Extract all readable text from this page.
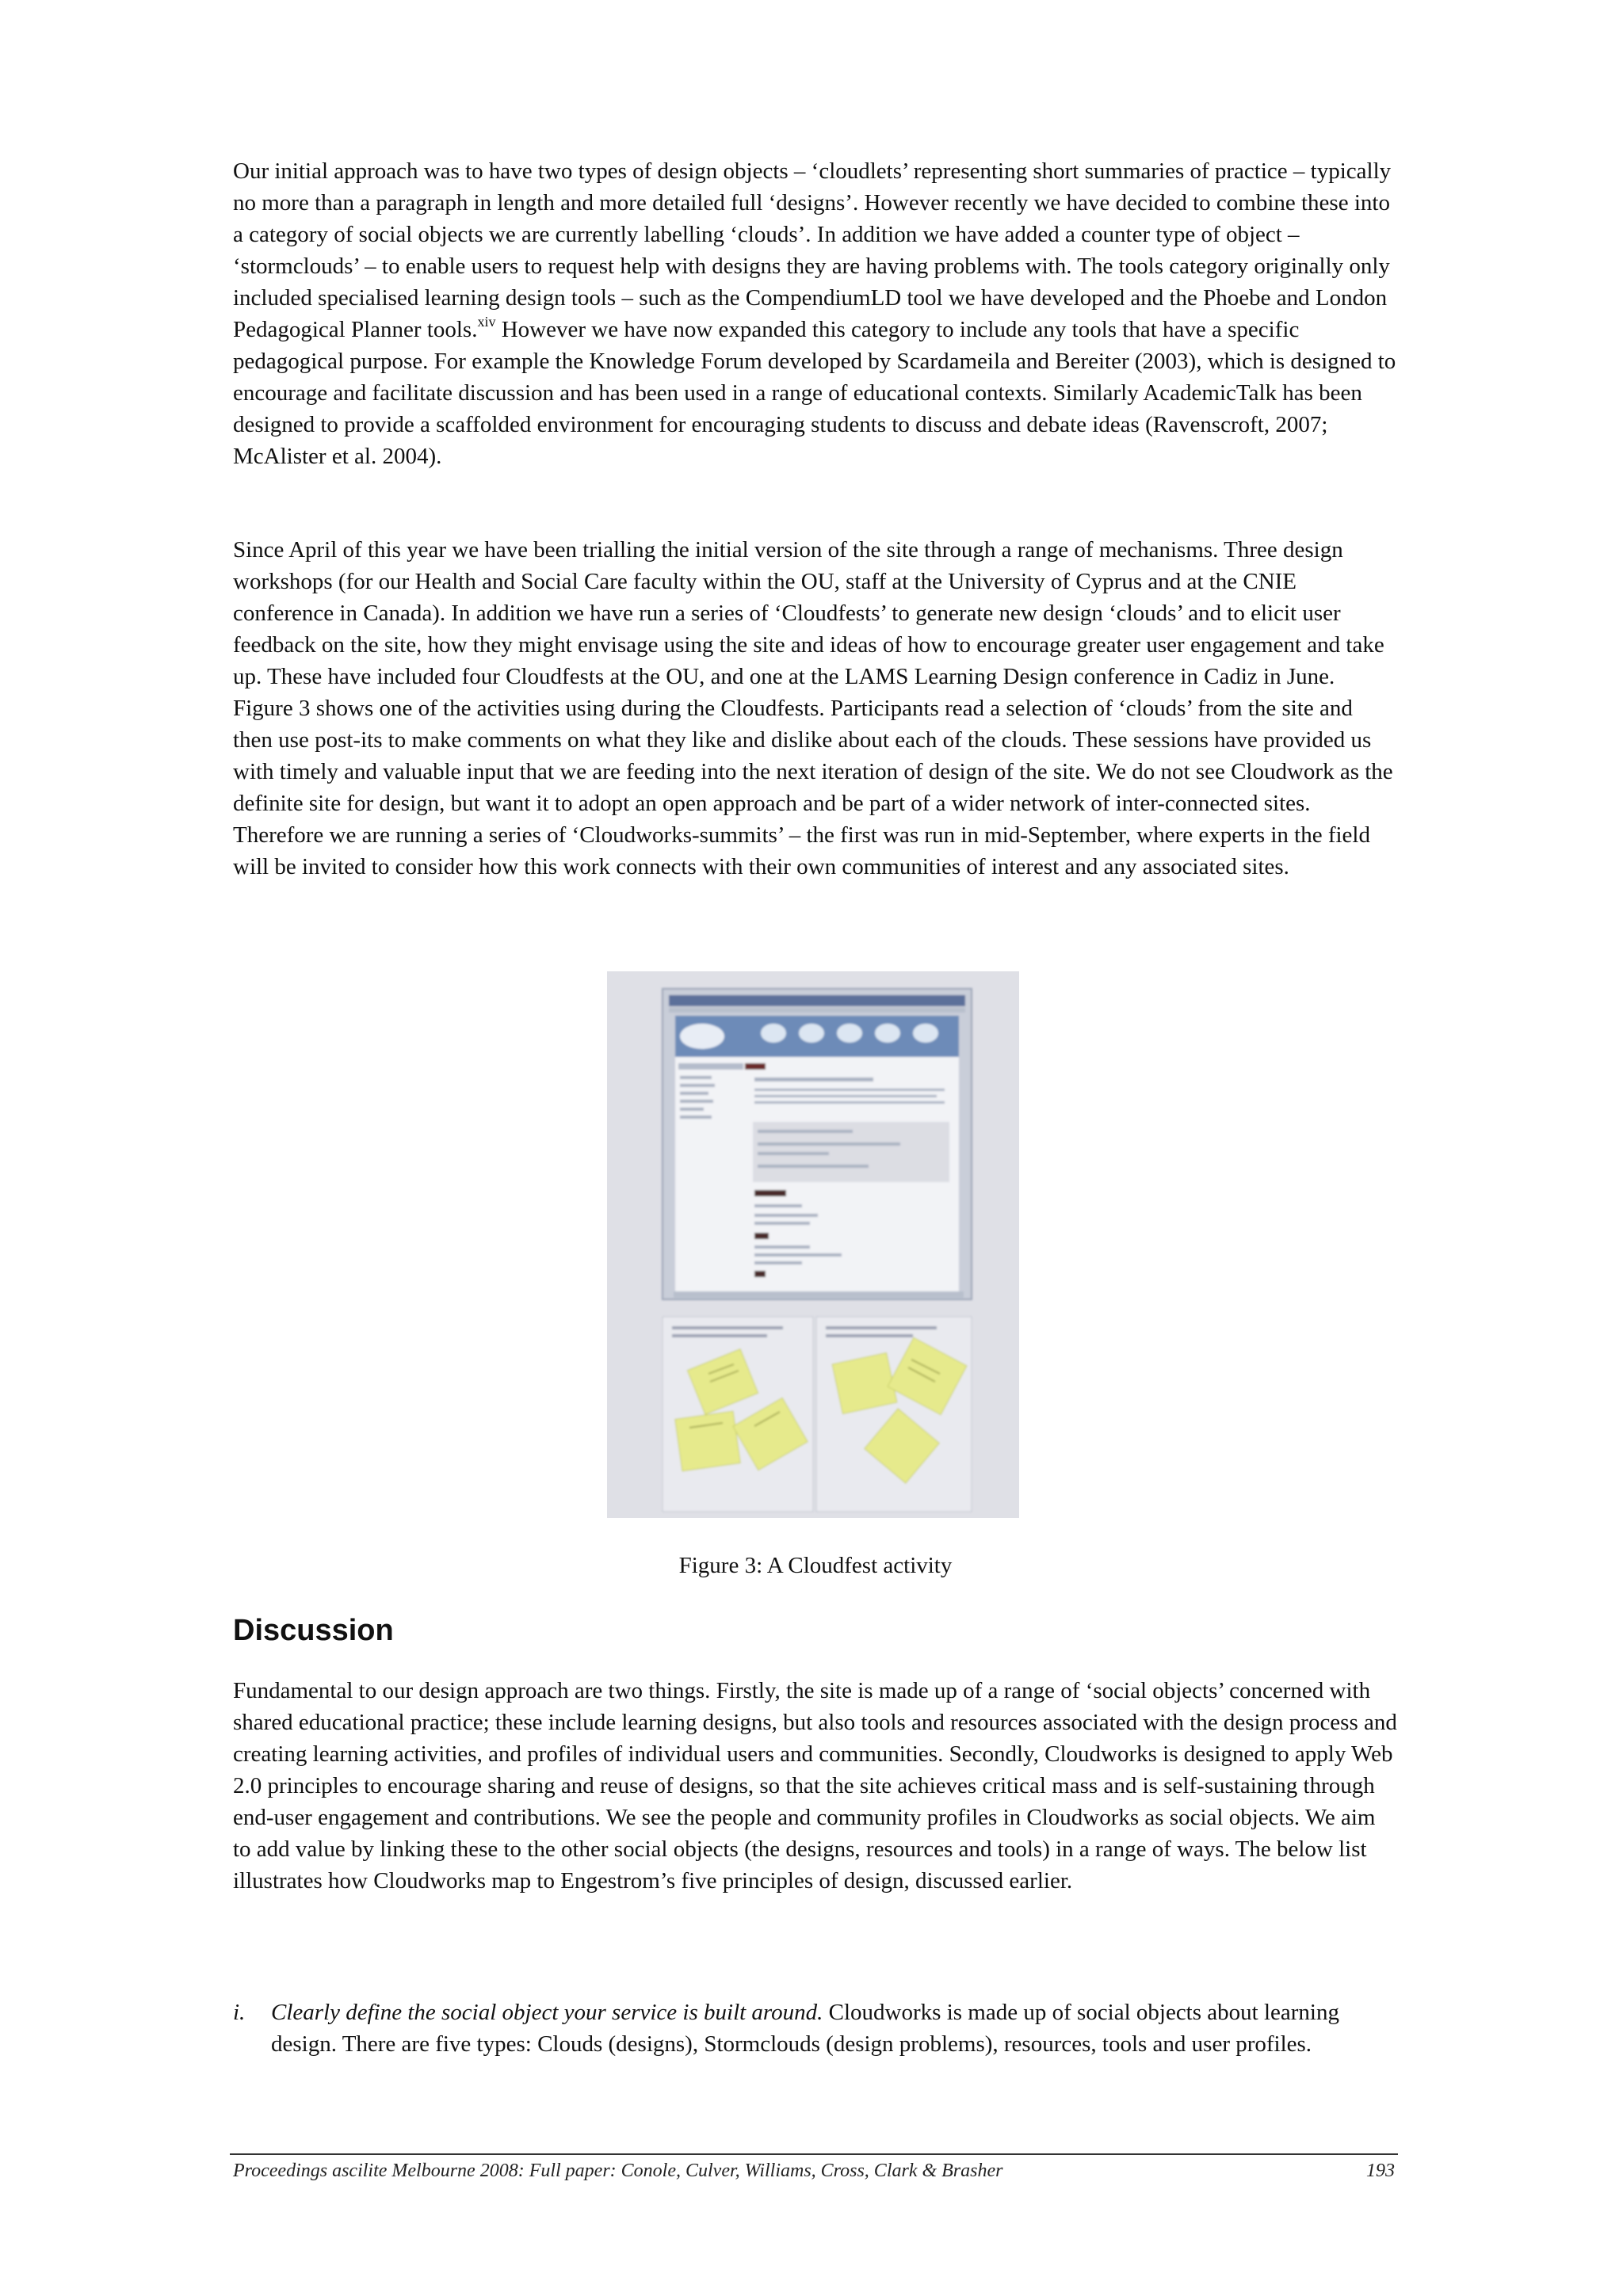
Our initial approach was to have two types of design objects – ‘cloudlets’ representing short summaries of practice – typically no more than a paragraph in length and more detailed full ‘designs’. However recently we have decided to combine these into a category of social objects we are currently labelling ‘clouds’. In addition we have added a counter type of object – ‘stormclouds’ – to enable users to request help with designs they are having problems with. The tools category originally only included specialised learning design tools – such as the CompendiumLD tool we have developed and the Phoebe and London Pedagogical Planner tools.$^{xiv}$ However we have now expanded this category to include any tools that have a specific pedagogical purpose. For example the Knowledge Forum developed by Scardameila and Bereiter (2003), which is designed to encourage and facilitate discussion and has been used in a range of educational contexts. Similarly AcademicTalk has been designed to provide a scaffolded environment for encouraging students to discuss and debate ideas (Ravenscroft, 2007; McAlister et al. 2004).

Since April of this year we have been trialling the initial version of the site through a range of mechanisms. Three design workshops (for our Health and Social Care faculty within the OU, staff at the University of Cyprus and at the CNIE conference in Canada). In addition we have run a series of ‘Cloudfests’ to generate new design ‘clouds’ and to elicit user feedback on the site, how they might envisage using the site and ideas of how to encourage greater user engagement and take up. These have included four Cloudfests at the OU, and one at the LAMS Learning Design conference in Cadiz in June. Figure 3 shows one of the activities using during the Cloudfests. Participants read a selection of ‘clouds’ from the site and then use post-its to make comments on what they like and dislike about each of the clouds. These sessions have provided us with timely and valuable input that we are feeding into the next iteration of design of the site. We do not see Cloudwork as the definite site for design, but want it to adopt an open approach and be part of a wider network of inter-connected sites. Therefore we are running a series of ‘Cloudworks-summits’ – the first was run in mid-September, where experts in the field will be invited to consider how this work connects with their own communities of interest and any associated sites.

Figure 3: A Cloudfest activity
Discussion

Fundamental to our design approach are two things. Firstly, the site is made up of a range of ‘social objects’ concerned with shared educational practice; these include learning designs, but also tools and resources associated with the design process and creating learning activities, and profiles of individual users and communities. Secondly, Cloudworks is designed to apply Web 2.0 principles to encourage sharing and reuse of designs, so that the site achieves critical mass and is self-sustaining through end-user engagement and contributions. We see the people and community profiles in Cloudworks as social objects. We aim to add value by linking these to the other social objects (the designs, resources and tools) in a range of ways. The below list illustrates how Cloudworks map to Engestrom’s five principles of design, discussed earlier.

i.	Clearly define the social object your service is built around. Cloudworks is made up of social objects about learning design. There are five types: Clouds (designs), Stormclouds (design problems), resources, tools and user profiles.
Proceedings ascilite Melbourne 2008: Full paper: Conole, Culver, Williams, Cross, Clark & Brasher	193
